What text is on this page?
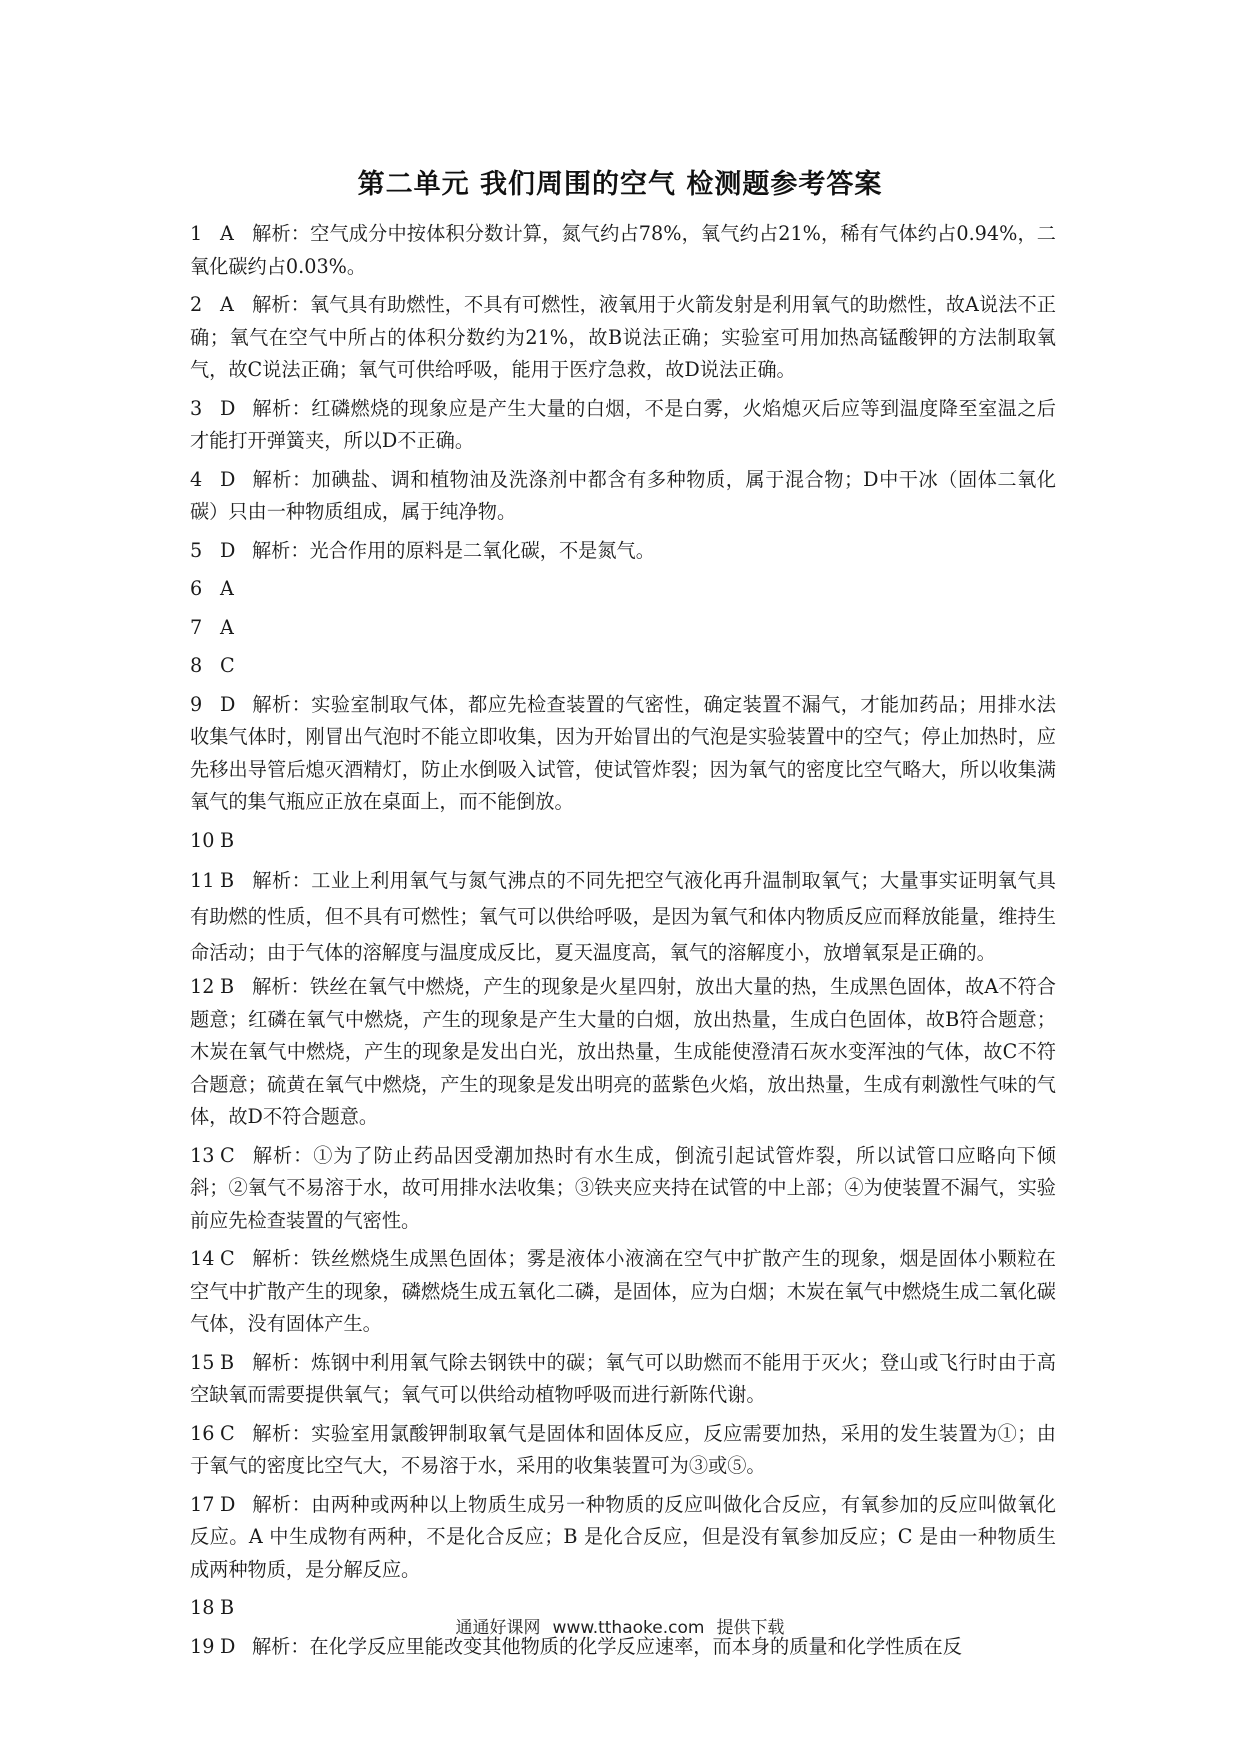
第二单元 我们周围的空气 检测题参考答案

1 A 解析：空气成分中按体积分数计算，氮气约占78%，氧气约占21%，稀有气体约占0.94%，二氧化碳约占0.03%。

2 A 解析：氧气具有助燃性，不具有可燃性，液氧用于火箭发射是利用氧气的助燃性，故A说法不正确；氧气在空气中所占的体积分数约为21%，故B说法正确；实验室可用加热高锰酸钾的方法制取氧气，故C说法正确；氧气可供给呼吸，能用于医疗急救，故D说法正确。

3 D 解析：红磷燃烧的现象应是产生大量的白烟，不是白雾，火焰熄灭后应等到温度降至室温之后才能打开弹簧夹，所以D不正确。

4 D 解析：加碘盐、调和植物油及洗涤剂中都含有多种物质，属于混合物；D中干冰（固体二氧化碳）只由一种物质组成，属于纯净物。

5 D 解析：光合作用的原料是二氧化碳，不是氮气。

6 A

7 A

8 C

9 D 解析：实验室制取气体，都应先检查装置的气密性，确定装置不漏气，才能加药品；用排水法收集气体时，刚冒出气泡时不能立即收集，因为开始冒出的气泡是实验装置中的空气；停止加热时，应先移出导管后熄灭酒精灯，防止水倒吸入试管，使试管炸裂；因为氧气的密度比空气略大，所以收集满氧气的集气瓶应正放在桌面上，而不能倒放。

10 B

11 B 解析：工业上利用氧气与氮气沸点的不同先把空气液化再升温制取氧气；大量事实证明氧气具有助燃的性质，但不具有可燃性；氧气可以供给呼吸，是因为氧气和体内物质反应而释放能量，维持生命活动；由于气体的溶解度与温度成反比，夏天温度高，氧气的溶解度小，放增氧泵是正确的。

12 B 解析：铁丝在氧气中燃烧，产生的现象是火星四射，放出大量的热，生成黑色固体，故A不符合题意；红磷在氧气中燃烧，产生的现象是产生大量的白烟，放出热量，生成白色固体，故B符合题意；木炭在氧气中燃烧，产生的现象是发出白光，放出热量，生成能使澄清石灰水变浑浊的气体，故C不符合题意；硫黄在氧气中燃烧，产生的现象是发出明亮的蓝紫色火焰，放出热量，生成有刺激性气味的气体，故D不符合题意。

13 C 解析：①为了防止药品因受潮加热时有水生成，倒流引起试管炸裂，所以试管口应略向下倾斜；②氧气不易溶于水，故可用排水法收集；③铁夹应夹持在试管的中上部；④为使装置不漏气，实验前应先检查装置的气密性。

14 C 解析：铁丝燃烧生成黑色固体；雾是液体小液滴在空气中扩散产生的现象，烟是固体小颗粒在空气中扩散产生的现象，磷燃烧生成五氧化二磷，是固体，应为白烟；木炭在氧气中燃烧生成二氧化碳气体，没有固体产生。

15 B 解析：炼钢中利用氧气除去钢铁中的碳；氧气可以助燃而不能用于灭火；登山或飞行时由于高空缺氧而需要提供氧气；氧气可以供给动植物呼吸而进行新陈代谢。

16 C 解析：实验室用氯酸钾制取氧气是固体和固体反应，反应需要加热，采用的发生装置为①；由于氧气的密度比空气大，不易溶于水，采用的收集装置可为③或⑤。

17 D 解析：由两种或两种以上物质生成另一种物质的反应叫做化合反应，有氧参加的反应叫做氧化反应。A 中生成物有两种，不是化合反应；B 是化合反应，但是没有氧参加反应；C 是由一种物质生成两种物质，是分解反应。

18 B

19 D 解析：在化学反应里能改变其他物质的化学反应速率，而本身的质量和化学性质在反

通通好课网 www.tthaoke.com 提供下载
